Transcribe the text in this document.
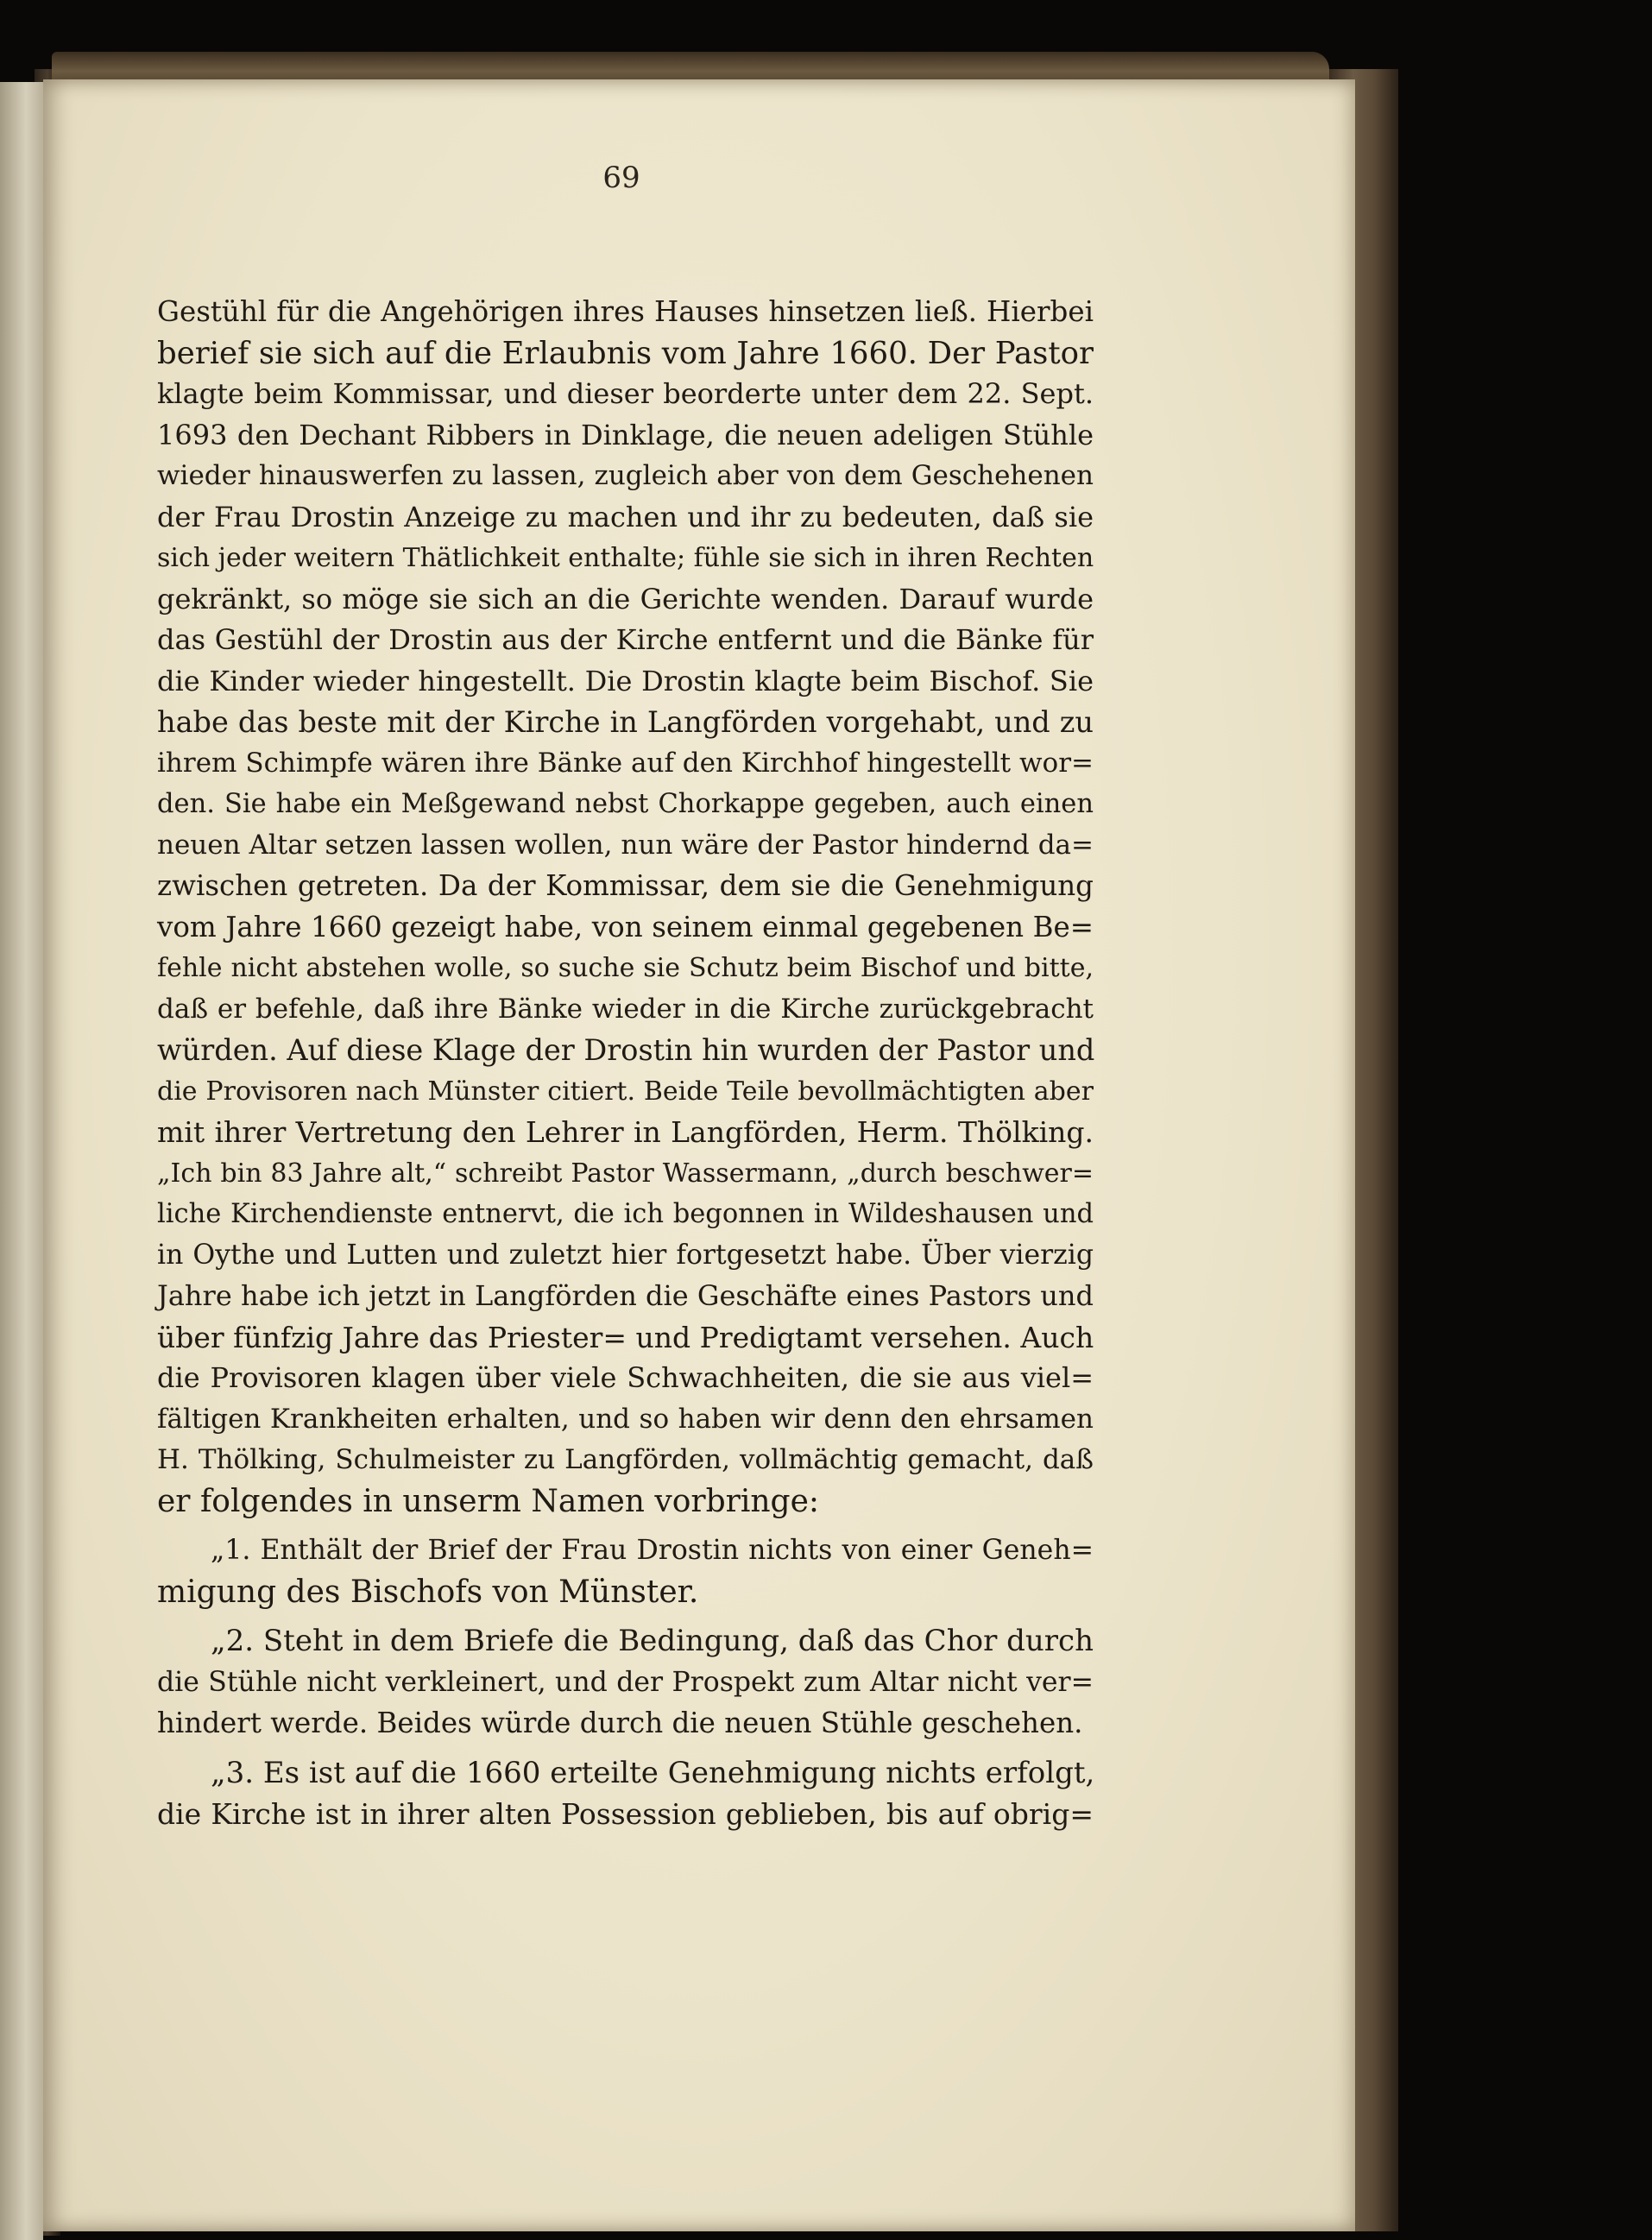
69
Gestühl für die Angehörigen ihres Hauses hinsetzen ließ. Hierbei
berief sie sich auf die Erlaubnis vom Jahre 1660. Der Pastor
klagte beim Kommissar, und dieser beorderte unter dem 22. Sept.
1693 den Dechant Ribbers in Dinklage, die neuen adeligen Stühle
wieder hinauswerfen zu lassen, zugleich aber von dem Geschehenen
der Frau Drostin Anzeige zu machen und ihr zu bedeuten, daß sie
sich jeder weitern Thätlichkeit enthalte; fühle sie sich in ihren Rechten
gekränkt, so möge sie sich an die Gerichte wenden. Darauf wurde
das Gestühl der Drostin aus der Kirche entfernt und die Bänke für
die Kinder wieder hingestellt. Die Drostin klagte beim Bischof. Sie
habe das beste mit der Kirche in Langförden vorgehabt, und zu
ihrem Schimpfe wären ihre Bänke auf den Kirchhof hingestellt wor=
den. Sie habe ein Meßgewand nebst Chorkappe gegeben, auch einen
neuen Altar setzen lassen wollen, nun wäre der Pastor hindernd da=
zwischen getreten. Da der Kommissar, dem sie die Genehmigung
vom Jahre 1660 gezeigt habe, von seinem einmal gegebenen Be=
fehle nicht abstehen wolle, so suche sie Schutz beim Bischof und bitte,
daß er befehle, daß ihre Bänke wieder in die Kirche zurückgebracht
würden. Auf diese Klage der Drostin hin wurden der Pastor und
die Provisoren nach Münster citiert. Beide Teile bevollmächtigten aber
mit ihrer Vertretung den Lehrer in Langförden, Herm. Thölking.
„Ich bin 83 Jahre alt,“ schreibt Pastor Wassermann, „durch beschwer=
liche Kirchendienste entnervt, die ich begonnen in Wildeshausen und
in Oythe und Lutten und zuletzt hier fortgesetzt habe. Über vierzig
Jahre habe ich jetzt in Langförden die Geschäfte eines Pastors und
über fünfzig Jahre das Priester= und Predigtamt versehen. Auch
die Provisoren klagen über viele Schwachheiten, die sie aus viel=
fältigen Krankheiten erhalten, und so haben wir denn den ehrsamen
H. Thölking, Schulmeister zu Langförden, vollmächtig gemacht, daß
er folgendes in unserm Namen vorbringe:
„1. Enthält der Brief der Frau Drostin nichts von einer Geneh=
migung des Bischofs von Münster.
„2. Steht in dem Briefe die Bedingung, daß das Chor durch
die Stühle nicht verkleinert, und der Prospekt zum Altar nicht ver=
hindert werde. Beides würde durch die neuen Stühle geschehen.
„3. Es ist auf die 1660 erteilte Genehmigung nichts erfolgt,
die Kirche ist in ihrer alten Possession geblieben, bis auf obrig=
